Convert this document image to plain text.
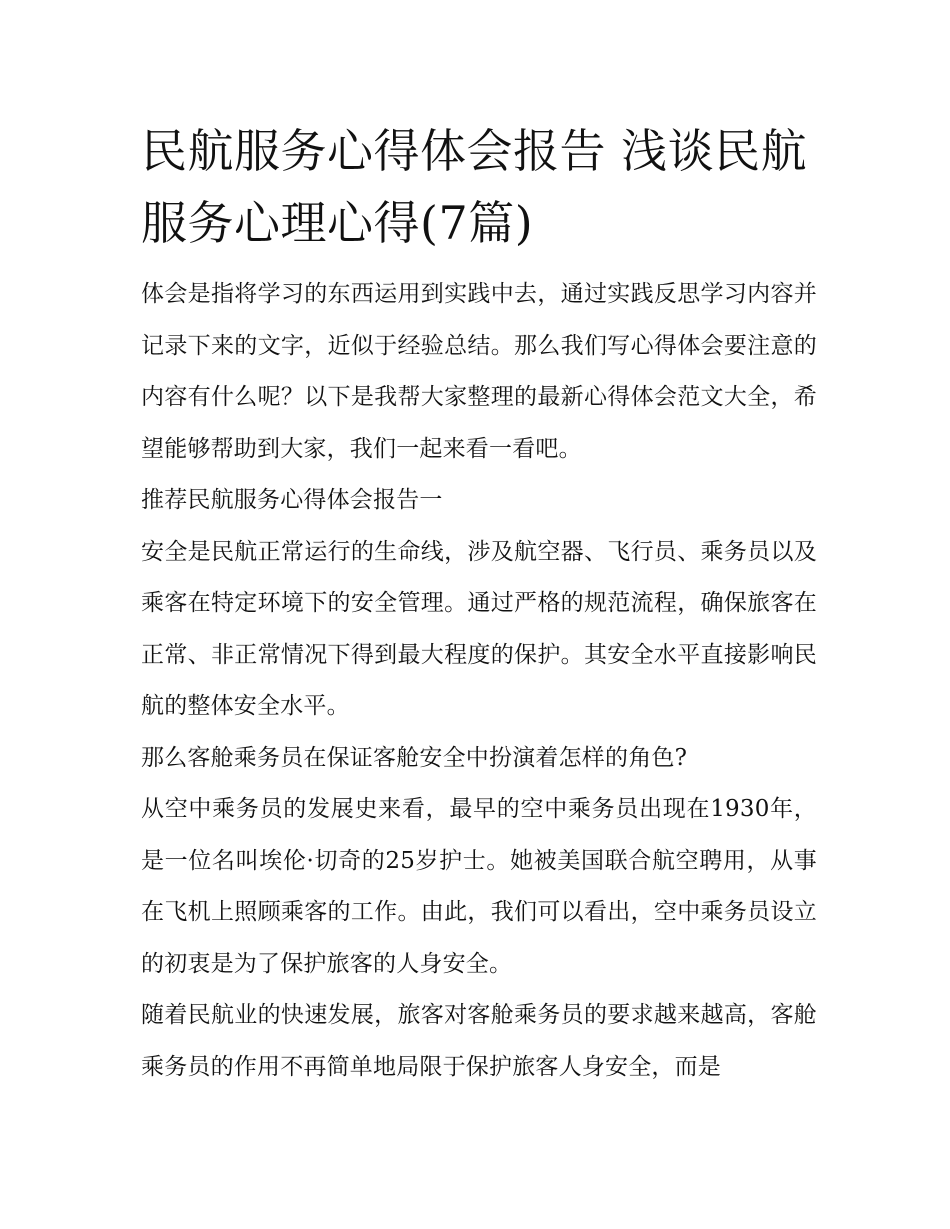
民航服务心得体会报告 浅谈民航服务心理心得(7篇)

体会是指将学习的东西运用到实践中去，通过实践反思学习内容并记录下来的文字，近似于经验总结。那么我们写心得体会要注意的内容有什么呢？以下是我帮大家整理的最新心得体会范文大全，希望能够帮助到大家，我们一起来看一看吧。

推荐民航服务心得体会报告一

安全是民航正常运行的生命线，涉及航空器、飞行员、乘务员以及乘客在特定环境下的安全管理。通过严格的规范流程，确保旅客在正常、非正常情况下得到最大程度的保护。其安全水平直接影响民航的整体安全水平。

那么客舱乘务员在保证客舱安全中扮演着怎样的角色?

从空中乘务员的发展史来看，最早的空中乘务员出现在1930年，是一位名叫埃伦·切奇的25岁护士。她被美国联合航空聘用，从事在飞机上照顾乘客的工作。由此，我们可以看出，空中乘务员设立的初衷是为了保护旅客的人身安全。

随着民航业的快速发展，旅客对客舱乘务员的要求越来越高，客舱乘务员的作用不再简单地局限于保护旅客人身安全，而是
